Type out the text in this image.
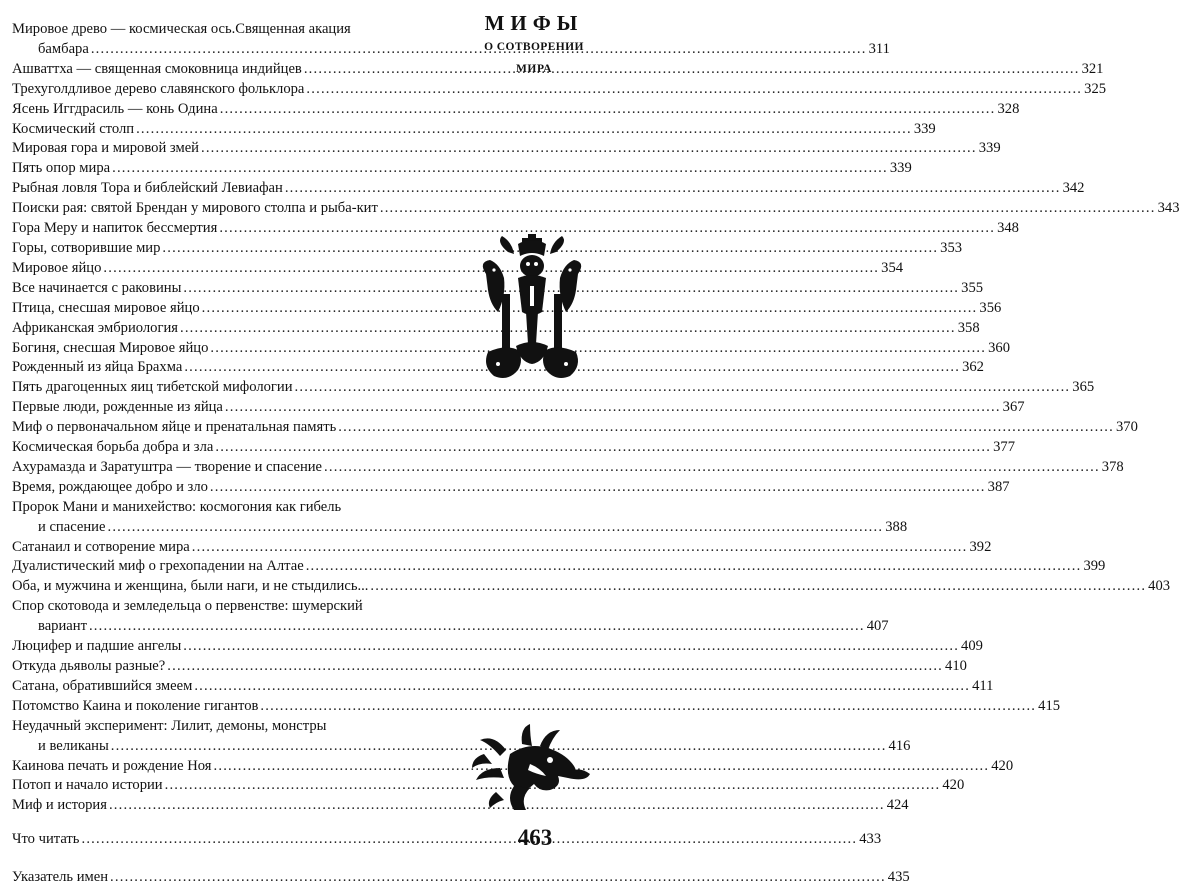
Мировое древо — космическая ось.Священная акация
бамбара .....	311
Ашваттха — священная смоковница индийцев .....	321
Трехуголдливое дерево славянского фольклора .....	325
Ясень Иггдрасиль — конь Одина .....	328
Космический столп .....	339
Мировая гора и мировой змей .....	339
Пять опор мира .....	339
Рыбная ловля Тора и библейский Левиафан .....	342
Поиски рая: святой Брендан у мирового столпа и рыба-кит .....	343
Гора Меру и напиток бессмертия .....	348
Горы, сотворившие мир .....	353
Мировое яйцо .....	354
Все начинается с раковины .....	355
Птица, снесшая мировое яйцо .....	356
Африканская эмбриология .....	358
Богиня, снесшая Мировое яйцо .....	360
Рожденный из яйца Брахма .....	362
Пять драгоценных яиц тибетской мифологии .....	365
Первые люди, рожденные из яйца .....	367
Миф о первоначальном яйце и пренатальная память .....	370
Космическая борьба добра и зла .....	377
Ахурамазда и Заратуштра — творение и спасение .....	378
Время, рождающее добро и зло .....	387
Пророк Мани и манихейство: космогония как гибель
и спасение .....	388
Сатанаил и сотворение мира .....	392
Дуалистический миф о грехопадении на Алтае .....	399
Оба, и мужчина и женщина, были наги, и не стыдились... .....	403
Спор скотовода и земледельца о первенстве: шумерский
вариант .....	407
Люцифер и падшие ангелы .....	409
Откуда дьяволы разные? .....	410
Сатана, обратившийся змеем .....	411
Потомство Каина и поколение гигантов .....	415
Неудачный эксперимент: Лилит, демоны, монстры
и великаны .....	416
Каинова печать и рождение Ноя .....	420
Потоп и начало истории .....	420
Миф и история .....	424
Что читать .....	433
Указатель имен .....	435
МИФЫ
О СОТВОРЕНИИ
МИРА
463
